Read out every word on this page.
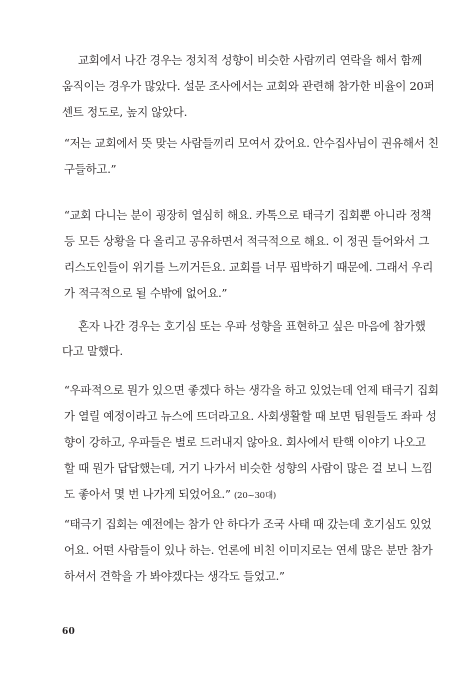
교회에서 나간 경우는 정치적 성향이 비슷한 사람끼리 연락을 해서 함께
움직이는 경우가 많았다. 설문 조사에서는 교회와 관련해 참가한 비율이 20퍼
센트 정도로, 높지 않았다.
“저는 교회에서 뜻 맞는 사람들끼리 모여서 갔어요. 안수집사님이 권유해서 친
구들하고.”
“교회 다니는 분이 굉장히 열심히 해요. 카톡으로 태극기 집회뿐 아니라 정책
등 모든 상황을 다 올리고 공유하면서 적극적으로 해요. 이 정권 들어와서 그
리스도인들이 위기를 느끼거든요. 교회를 너무 핍박하기 때문에. 그래서 우리
가 적극적으로 될 수밖에 없어요.”
혼자 나간 경우는 호기심 또는 우파 성향을 표현하고 싶은 마음에 참가했
다고 말했다.
“우파적으로 뭔가 있으면 좋겠다 하는 생각을 하고 있었는데 언제 태극기 집회
가 열릴 예정이라고 뉴스에 뜨더라고요. 사회생활할 때 보면 팀원들도 좌파 성
향이 강하고, 우파들은 별로 드러내지 않아요. 회사에서 탄핵 이야기 나오고
할 때 뭔가 답답했는데, 거기 나가서 비슷한 성향의 사람이 많은 걸 보니 느낌
도 좋아서 몇 번 나가게 되었어요.” (20~30대)
“태극기 집회는 예전에는 참가 안 하다가 조국 사태 때 갔는데 호기심도 있었
어요. 어떤 사람들이 있나 하는. 언론에 비친 이미지로는 연세 많은 분만 참가
하셔서 견학을 가 봐야겠다는 생각도 들었고.”
60
